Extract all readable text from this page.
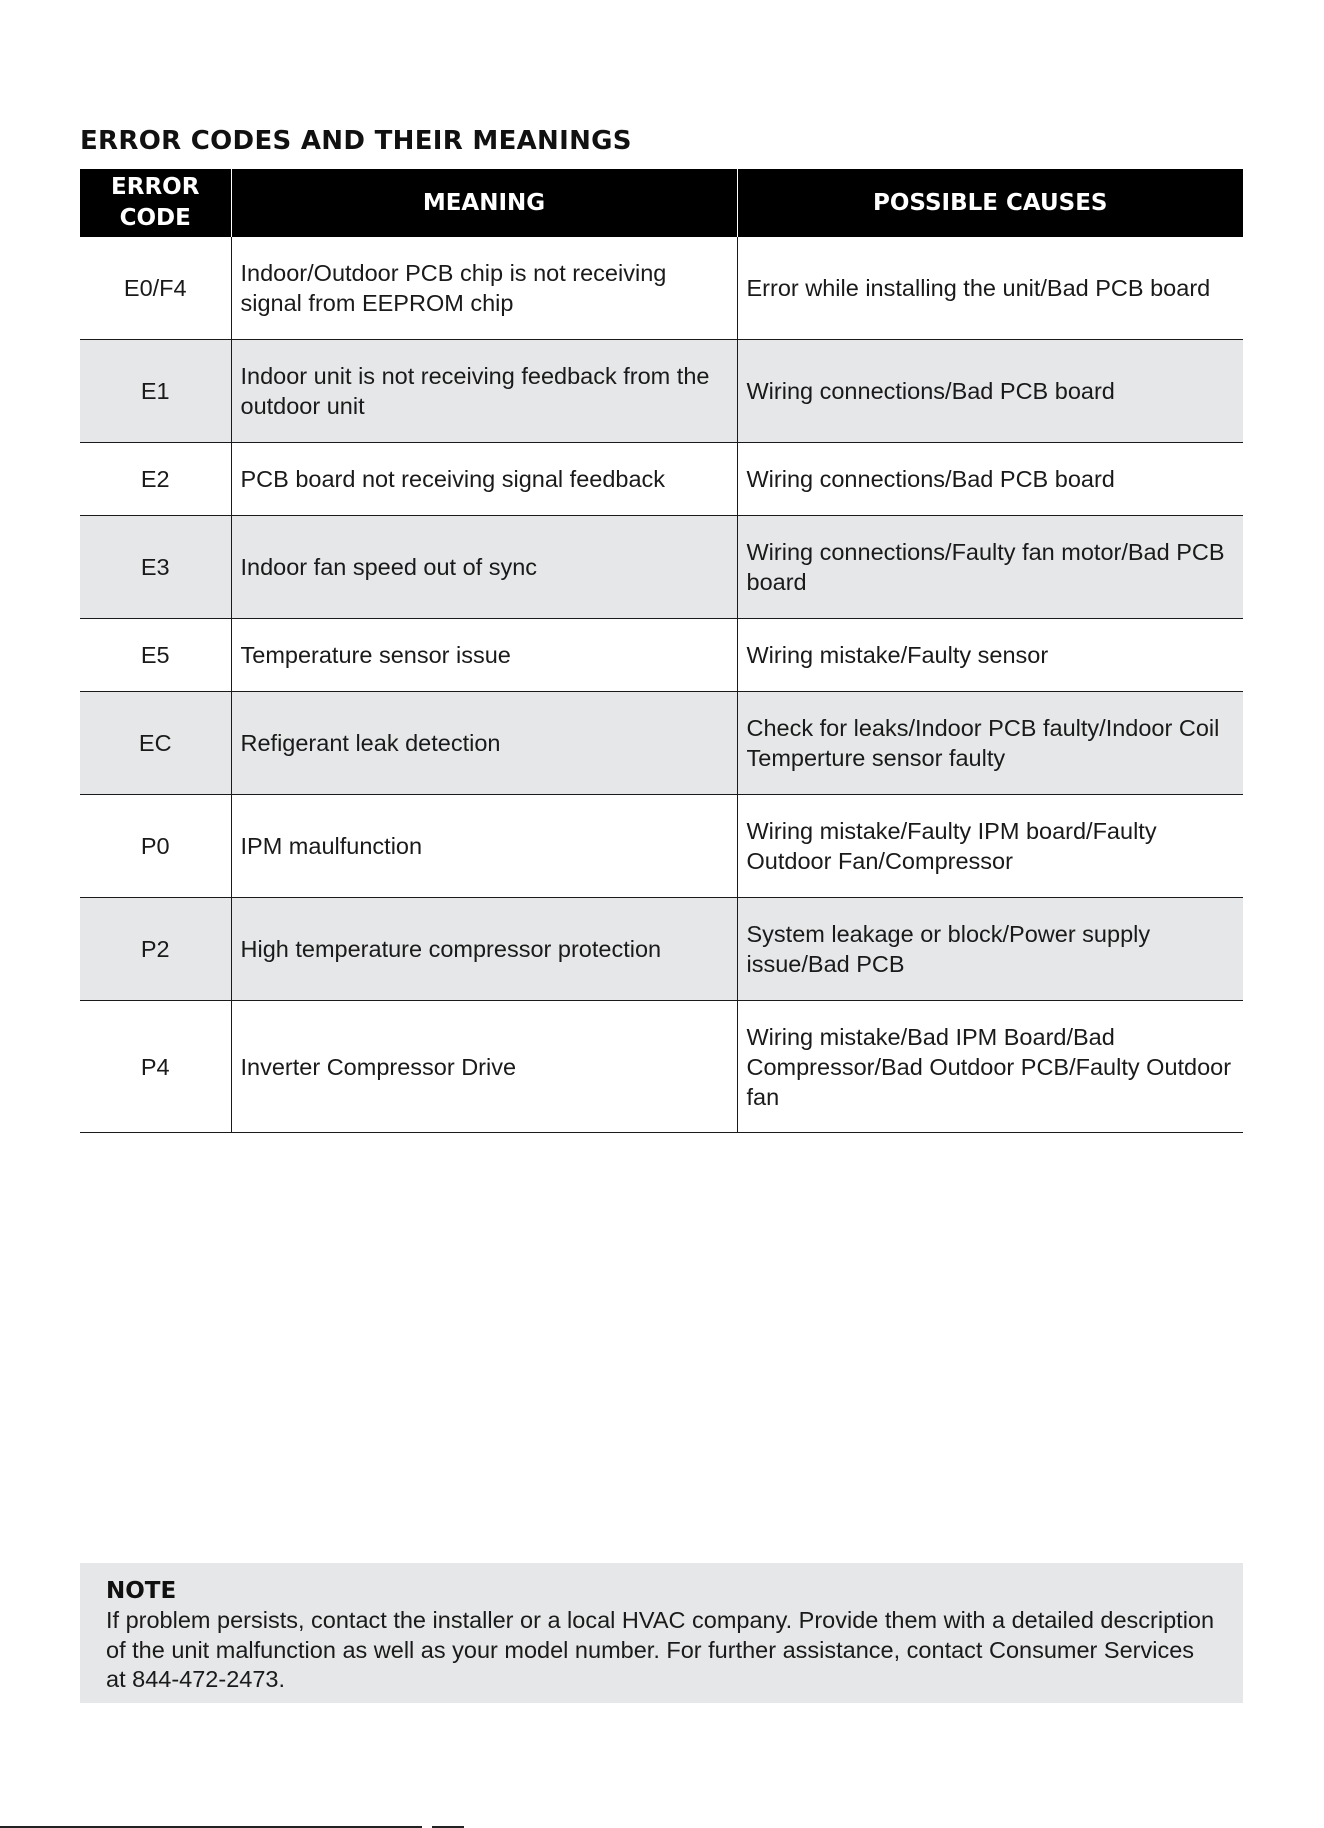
ERROR CODES AND THEIR MEANINGS
ERROR
CODE	MEANING	POSSIBLE CAUSES
E0/F4	Indoor/Outdoor PCB chip is not receiving signal from EEPROM chip	Error while installing the unit/Bad PCB board
E1	Indoor unit is not receiving feedback from the outdoor unit	Wiring connections/Bad PCB board
E2	PCB board not receiving signal feedback	Wiring connections/Bad PCB board
E3	Indoor fan speed out of sync	Wiring connections/Faulty fan motor/Bad PCB board
E5	Temperature sensor issue	Wiring mistake/Faulty sensor
EC	Refigerant leak detection	Check for leaks/Indoor PCB faulty/Indoor Coil Temperture sensor faulty
P0	IPM maulfunction	Wiring mistake/Faulty IPM board/Faulty Outdoor Fan/Compressor
P2	High temperature compressor protection	System leakage or block/Power supply issue/Bad PCB
P4	Inverter Compressor Drive	Wiring mistake/Bad IPM Board/Bad Compressor/Bad Outdoor PCB/Faulty Outdoor fan
NOTE
If problem persists, contact the installer or a local HVAC company. Provide them with a detailed description of the unit malfunction as well as your model number. For further assistance, contact Consumer Services at 844-472-2473.
